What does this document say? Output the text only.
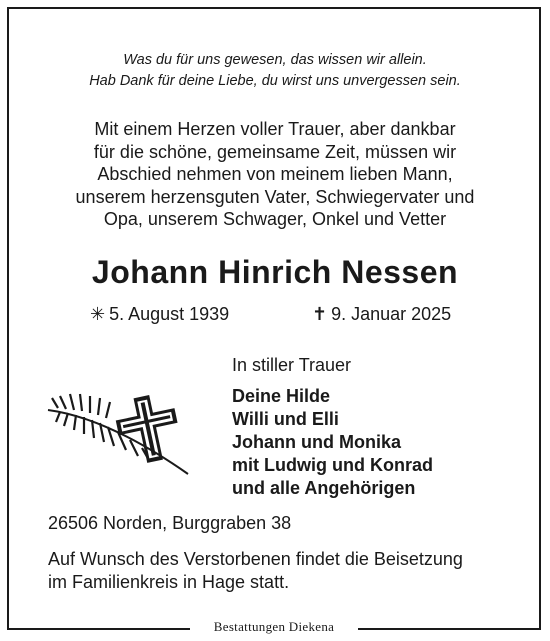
Was du für uns gewesen, das wissen wir allein.
Hab Dank für deine Liebe, du wirst uns unvergessen sein.
Mit einem Herzen voller Trauer, aber dankbar
für die schöne, gemeinsame Zeit, müssen wir
Abschied nehmen von meinem lieben Mann,
unserem herzensguten Vater, Schwiegervater und
Opa, unserem Schwager, Onkel und Vetter
Johann Hinrich Nessen
✳ 5. August 1939	✝ 9. Januar 2025
In stiller Trauer
Deine Hilde
Willi und Elli
Johann und Monika
mit Ludwig und Konrad
und alle Angehörigen
26506 Norden, Burggraben 38
Auf Wunsch des Verstorbenen findet die Beisetzung
im Familienkreis in Hage statt.
Bestattungen Diekena
